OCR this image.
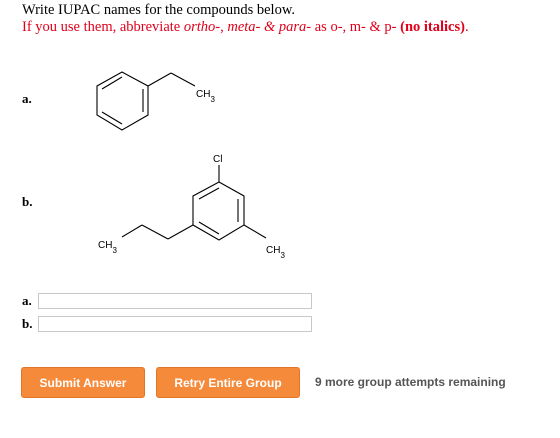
Write IUPAC names for the compounds below.
If you use them, abbreviate ortho-, meta- & para- as o-, m- & p- (no italics).
a.	$CH_3$
b.
Cl
$CH_3$	$CH_3$
a.
b.
Submit Answer	Retry Entire Group	9 more group attempts remaining
